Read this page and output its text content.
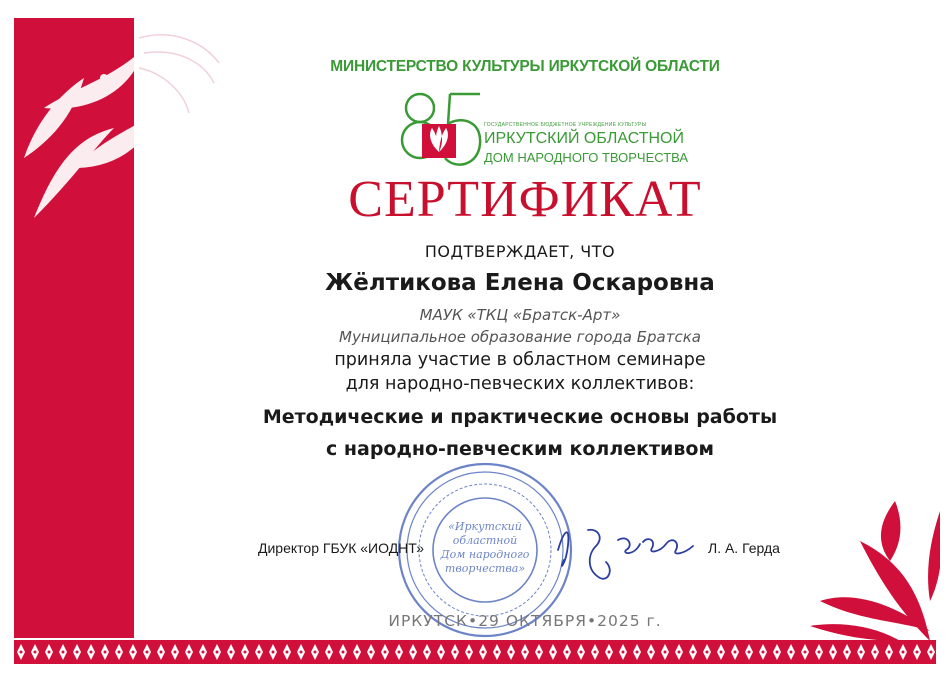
МИНИСТЕРСТВО КУЛЬТУРЫ ИРКУТСКОЙ ОБЛАСТИ
ГОСУДАРСТВЕННОЕ БЮДЖЕТНОЕ УЧРЕЖДЕНИЕ КУЛЬТУРЫ
ИРКУТСКИЙ ОБЛАСТНОЙ
ДОМ НАРОДНОГО ТВОРЧЕСТВА
СЕРТИФИКАТ
ПОДТВЕРЖДАЕТ, ЧТО
Жёлтикова Елена Оскаровна
МАУК «ТКЦ «Братск-Арт»
Муниципальное образование города Братска
приняла участие в областном семинаре
для народно-певческих коллективов:
Методические и практические основы работы
с народно-певческим коллективом
«Иркутский
областной
Дом народного
творчества»
Директор ГБУК «ИОДНТ»	Л. А. Герда
ИРКУТСК•29 ОКТЯБРЯ•2025 г.
